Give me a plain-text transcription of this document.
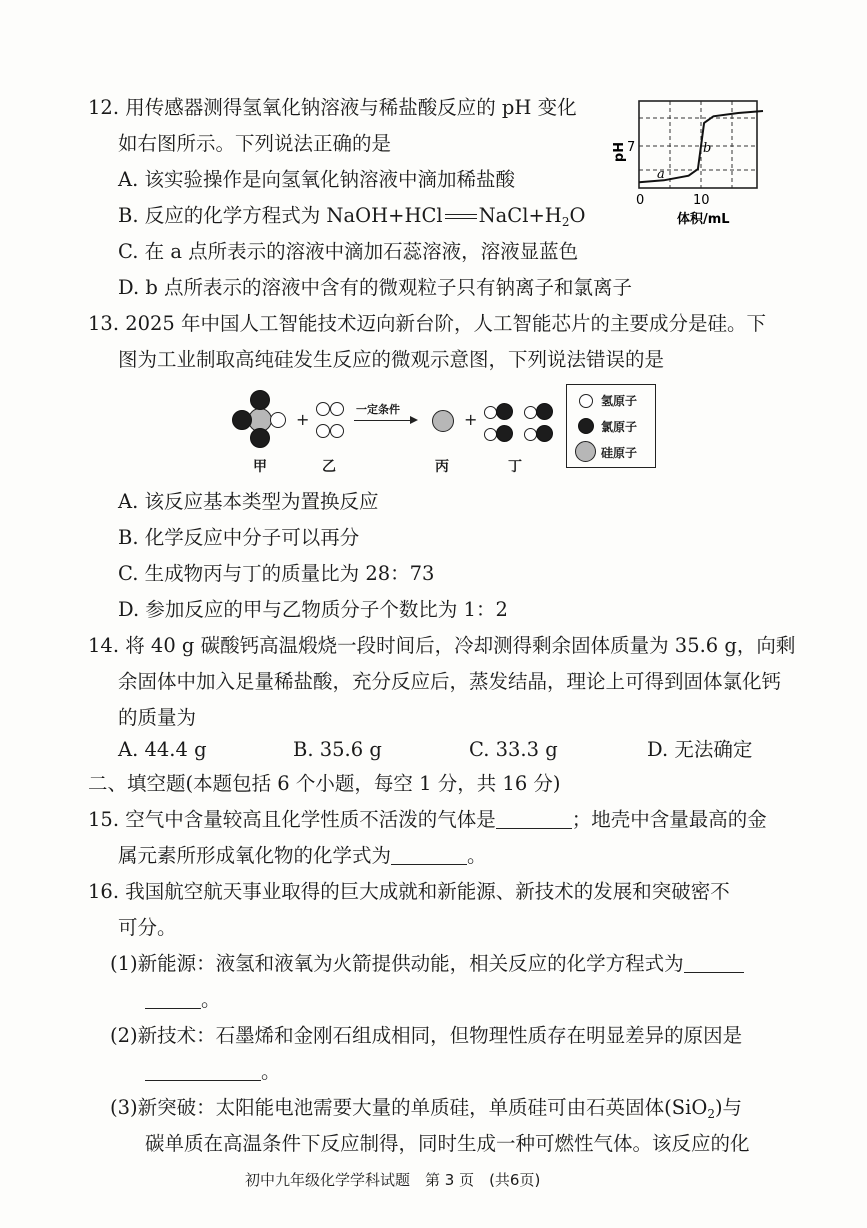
12. 用传感器测得氢氧化钠溶液与稀盐酸反应的 pH 变化
如右图所示。下列说法正确的是
A. 该实验操作是向氢氧化钠溶液中滴加稀盐酸
B. 反应的化学方程式为 NaOH+HCl $NaCl+H_2O$
C. 在 a 点所表示的溶液中滴加石蕊溶液，溶液显蓝色
D. b 点所表示的溶液中含有的微观粒子只有钠离子和氯离子
pH 7
a
b
0	10
体积/mL
13. 2025 年中国人工智能技术迈向新台阶，人工智能芯片的主要成分是硅。下
图为工业制取高纯硅发生反应的微观示意图，下列说法错误的是
甲
+
乙
一定条件
丙
+
丁
氢原子
氯原子
硅原子
A. 该反应基本类型为置换反应
B. 化学反应中分子可以再分
C. 生成物丙与丁的质量比为 28：73
D. 参加反应的甲与乙物质分子个数比为 1：2
14. 将 40 g 碳酸钙高温煅烧一段时间后，冷却测得剩余固体质量为 35.6 g，向剩
余固体中加入足量稀盐酸，充分反应后，蒸发结晶，理论上可得到固体氯化钙
的质量为
A. 44.4 g	B. 35.6 g	C. 33.3 g	D. 无法确定
二、填空题(本题包括 6 个小题，每空 1 分，共 16 分)
15. 空气中含量较高且化学性质不活泼的气体是	；地壳中含量最高的金
属元素所形成氧化物的化学式为	。
16. 我国航空航天事业取得的巨大成就和新能源、新技术的发展和突破密不
可分。
(1)新能源：液氢和液氧为火箭提供动能，相关反应的化学方程式为
。
(2)新技术：石墨烯和金刚石组成相同，但物理性质存在明显差异的原因是
。
(3)新突破：太阳能电池需要大量的单质硅，单质硅可由石英固体(SiO$_2$)与
碳单质在高温条件下反应制得，同时生成一种可燃性气体。该反应的化
初中九年级化学学科试题　第 3 页　(共6页)
